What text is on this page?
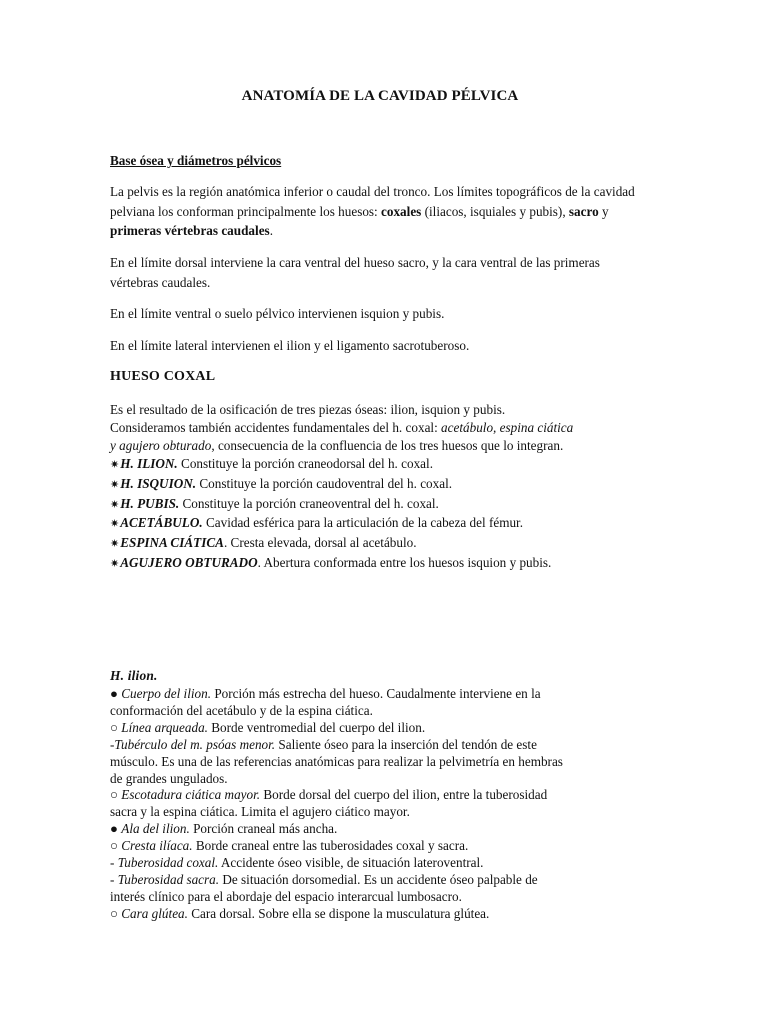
ANATOMÍA DE LA CAVIDAD PÉLVICA
Base ósea y diámetros pélvicos
La pelvis es la región anatómica inferior o caudal del tronco. Los límites topográficos de la cavidad pelviana los conforman principalmente los huesos: coxales (iliacos, isquiales y pubis), sacro y primeras vértebras caudales.
En el límite dorsal interviene la cara ventral del hueso sacro, y la cara ventral de las primeras vértebras caudales.
En el límite ventral o suelo pélvico intervienen isquion y pubis.
En el límite lateral intervienen el ilion y el ligamento sacrotuberoso.
HUESO COXAL
Es el resultado de la osificación de tres piezas óseas: ilion, isquion y pubis.
Consideramos también accidentes fundamentales del h. coxal: acetábulo, espina ciática
y agujero obturado, consecuencia de la confluencia de los tres huesos que lo integran.
✷H. ILION. Constituye la porción craneodorsal del h. coxal.
✷H. ISQUION. Constituye la porción caudoventral del h. coxal.
✷H. PUBIS. Constituye la porción craneoventral del h. coxal.
✷ACETÁBULO. Cavidad esférica para la articulación de la cabeza del fémur.
✷ESPINA CIÁTICA. Cresta elevada, dorsal al acetábulo.
✷AGUJERO OBTURADO. Abertura conformada entre los huesos isquion y pubis.
H. ilion.
● Cuerpo del ilion. Porción más estrecha del hueso. Caudalmente interviene en la
conformación del acetábulo y de la espina ciática.
○ Línea arqueada. Borde ventromedial del cuerpo del ilion.
-Tubérculo del m. psóas menor. Saliente óseo para la inserción del tendón de este
músculo. Es una de las referencias anatómicas para realizar la pelvimetría en hembras
de grandes ungulados.
○ Escotadura ciática mayor. Borde dorsal del cuerpo del ilion, entre la tuberosidad
sacra y la espina ciática. Limita el agujero ciático mayor.
● Ala del ilion. Porción craneal más ancha.
○ Cresta ilíaca. Borde craneal entre las tuberosidades coxal y sacra.
- Tuberosidad coxal. Accidente óseo visible, de situación lateroventral.
- Tuberosidad sacra. De situación dorsomedial. Es un accidente óseo palpable de
interés clínico para el abordaje del espacio interarcual lumbosacro.
○ Cara glútea. Cara dorsal. Sobre ella se dispone la musculatura glútea.
